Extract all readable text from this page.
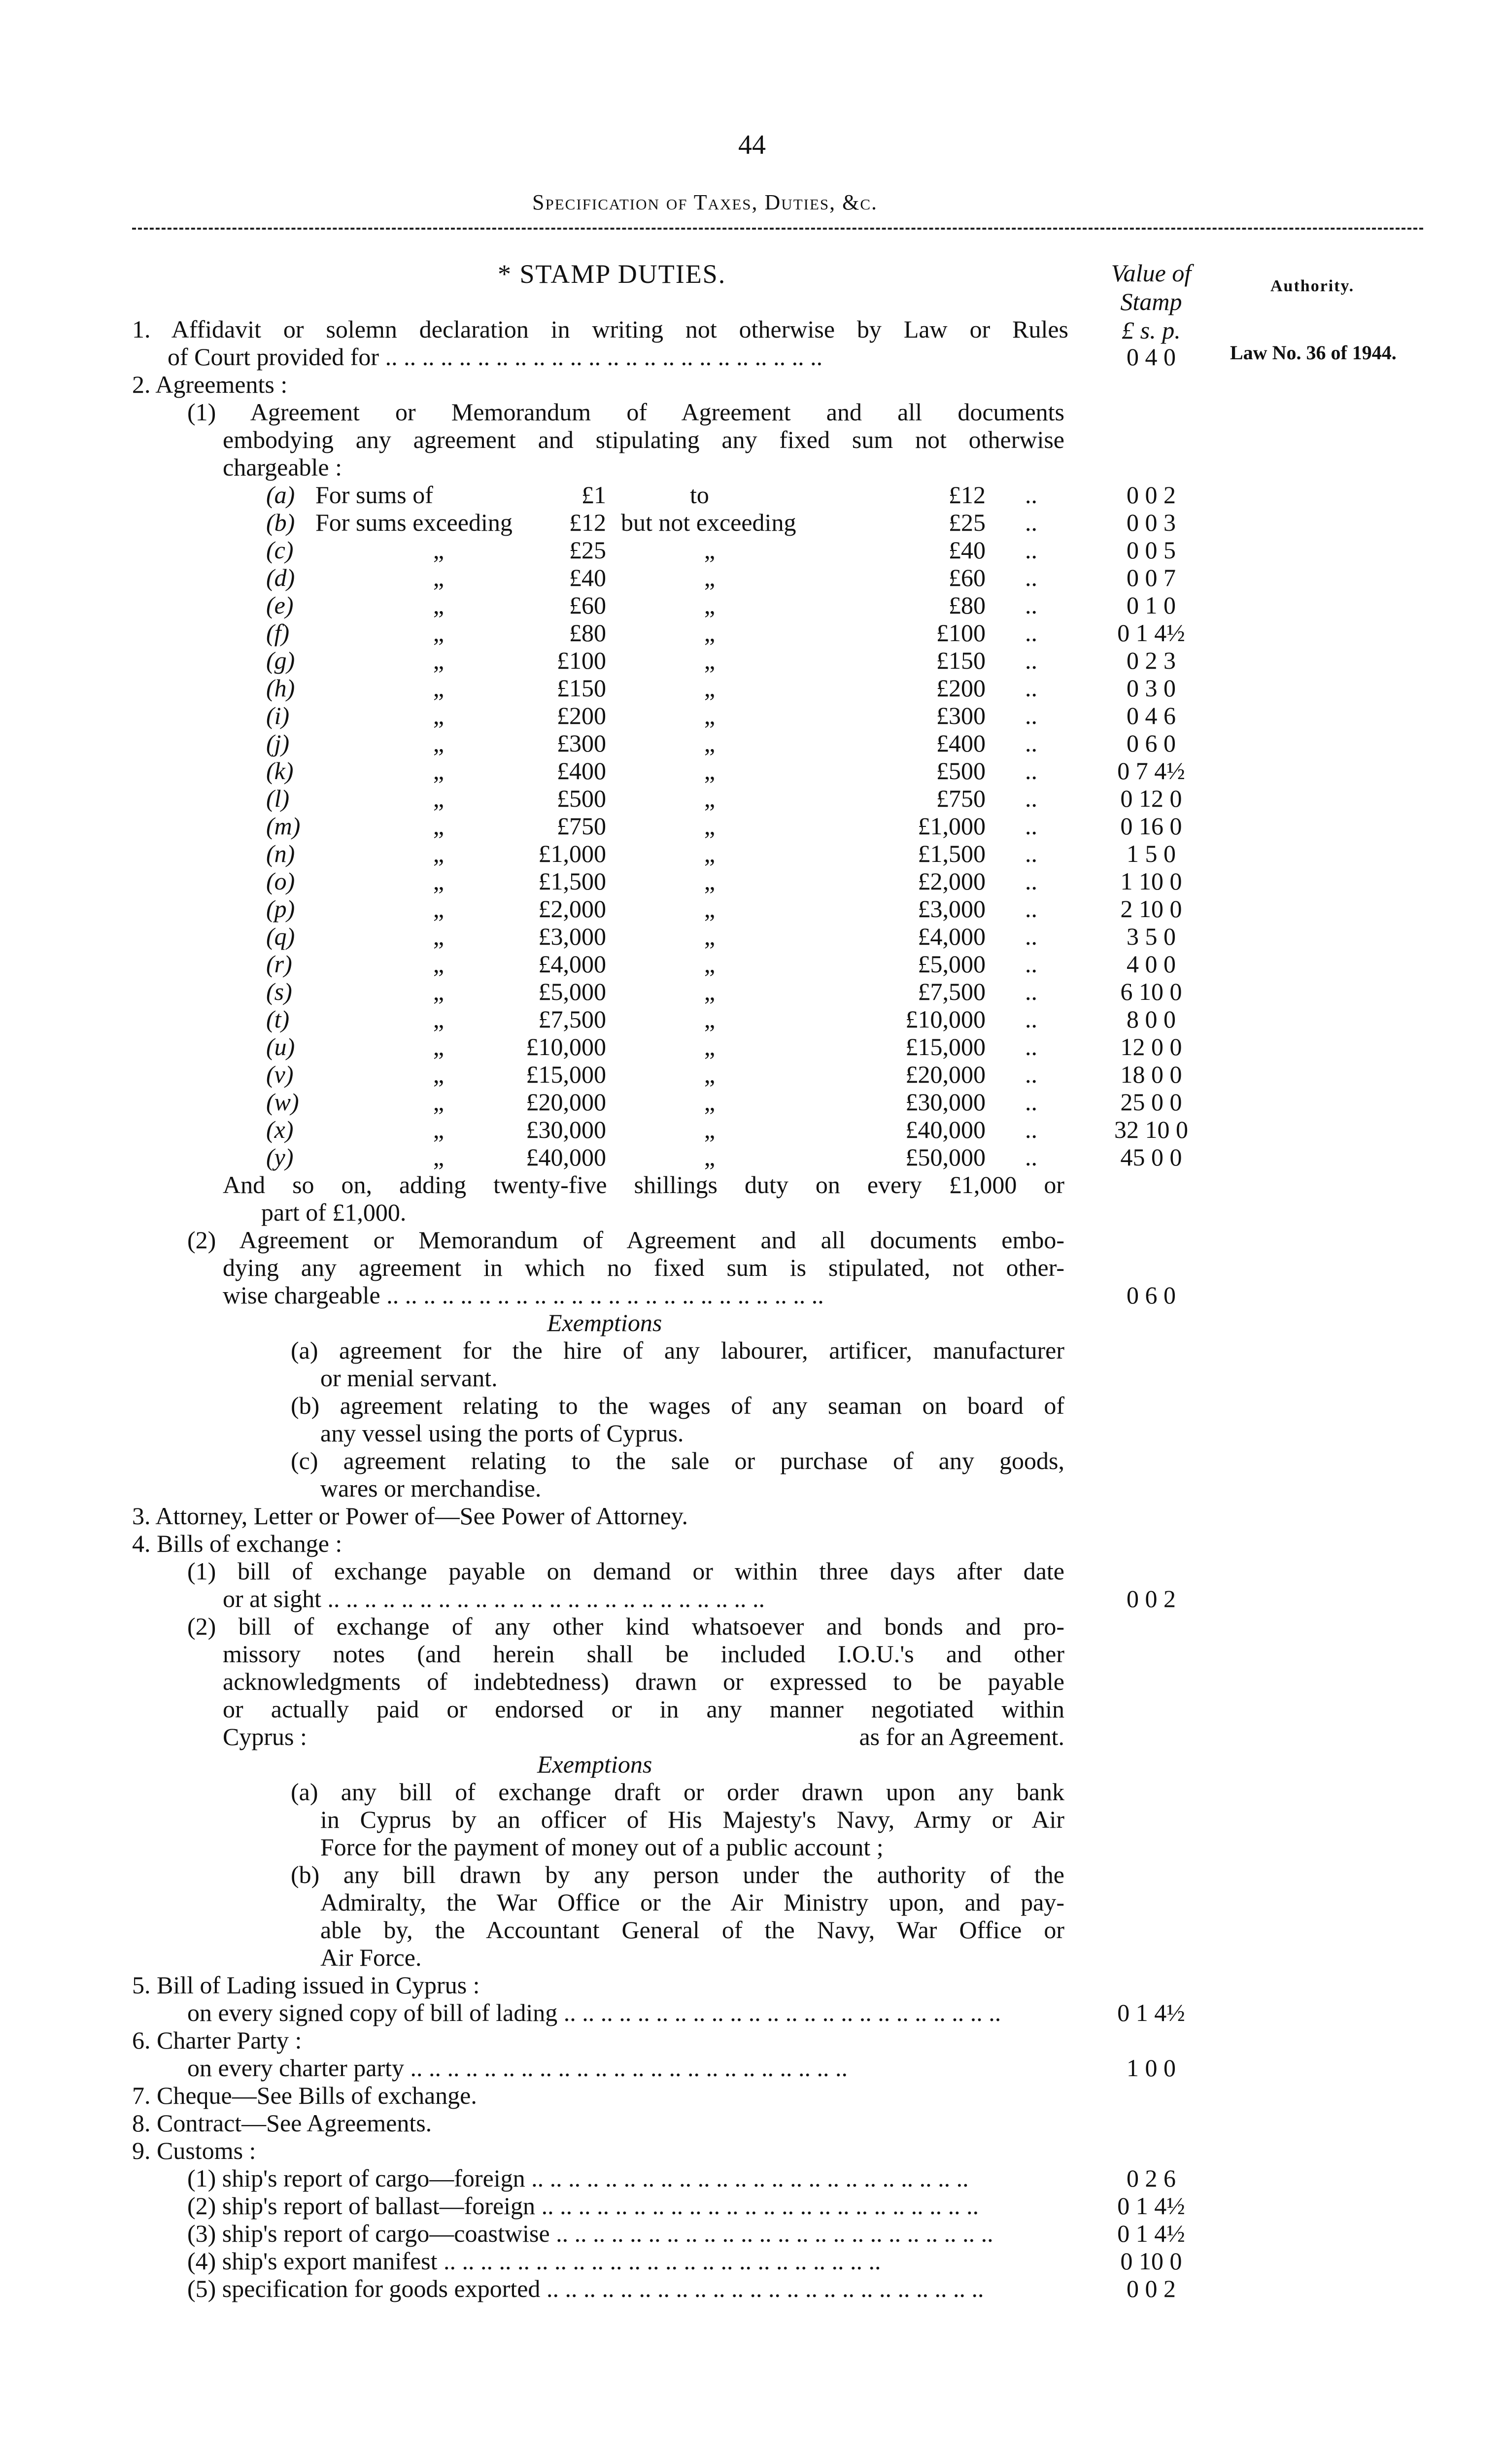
44
Specification of Taxes, Duties, &c.
* STAMP DUTIES.	Value of
Stamp
£ s. p.
Authority.
Law No. 36 of 1944.
1. Affidavit or solemn declaration in writing not otherwise by Law or Rules
of Court provided for .. ..	0 4 0
2. Agreements :
(1) Agreement or Memorandum of Agreement and all documents
embodying any agreement and stipulating any fixed sum not otherwise
chargeable :
(a) For sums of	£1	to	£12 ..	0 0 2
(b) For sums exceeding	£12 but not exceeding	£25 ..	0 0 3
(c)	„	£25	„	£40 ..	0 0 5
(d)	„	£40	„	£60 ..	0 0 7
(e)	„	£60	„	£80 ..	0 1 0
(f)	„	£80	„	£100 ..	0 1 4½
(g)	„	£100	„	£150 ..	0 2 3
(h)	„	£150	„	£200 ..	0 3 0
(i)	„	£200	„	£300 ..	0 4 6
(j)	„	£300	„	£400 ..	0 6 0
(k)	„	£400	„	£500 ..	0 7 4½
(l)	„	£500	„	£750 ..	0 12 0
(m)	„	£750	„	£1,000 ..	0 16 0
(n)	„	£1,000	„	£1,500 ..	1 5 0
(o)	„	£1,500	„	£2,000 ..	1 10 0
(p)	„	£2,000	„	£3,000 ..	2 10 0
(q)	„	£3,000	„	£4,000 ..	3 5 0
(r)	„	£4,000	„	£5,000 ..	4 0 0
(s)	„	£5,000	„	£7,500 ..	6 10 0
(t)	„	£7,500	„	£10,000 ..	8 0 0
(u)	„	£10,000	„	£15,000 ..	12 0 0
(v)	„	£15,000	„	£20,000 ..	18 0 0
(w)	„	£20,000	„	£30,000 ..	25 0 0
(x)	„	£30,000	„	£40,000 ..	32 10 0
(y)	„	£40,000	„	£50,000 ..	45 0 0
And so on, adding twenty-five shillings duty on every £1,000 or
part of £1,000.
(2) Agreement or Memorandum of Agreement and all documents embo-
dying any agreement in which no fixed sum is stipulated, not other-
wise chargeable .. ..	0 6 0
Exemptions
(a) agreement for the hire of any labourer, artificer, manufacturer
or menial servant.
(b) agreement relating to the wages of any seaman on board of
any vessel using the ports of Cyprus.
(c) agreement relating to the sale or purchase of any goods,
wares or merchandise.
3. Attorney, Letter or Power of—See Power of Attorney.
4. Bills of exchange :
(1) bill of exchange payable on demand or within three days after date
or at sight .. ..	0 0 2
(2) bill of exchange of any other kind whatsoever and bonds and pro-
missory notes (and herein shall be included I.O.U.'s and other
acknowledgments of indebtedness) drawn or expressed to be payable
or actually paid or endorsed or in any manner negotiated within
Cyprus :	as for an Agreement.
Exemptions
(a) any bill of exchange draft or order drawn upon any bank
in Cyprus by an officer of His Majesty's Navy, Army or Air
Force for the payment of money out of a public account ;
(b) any bill drawn by any person under the authority of the
Admiralty, the War Office or the Air Ministry upon, and pay-
able by, the Accountant General of the Navy, War Office or
Air Force.
5. Bill of Lading issued in Cyprus :
on every signed copy of bill of lading .. ..	0 1 4½
6. Charter Party :
on every charter party .. ..	1 0 0
7. Cheque—See Bills of exchange.
8. Contract—See Agreements.
9. Customs :
(1) ship's report of cargo—foreign .. ..	0 2 6
(2) ship's report of ballast—foreign .. ..	0 1 4½
(3) ship's report of cargo—coastwise .. ..	0 1 4½
(4) ship's export manifest .. ..	0 10 0
(5) specification for goods exported .. ..	0 0 2
